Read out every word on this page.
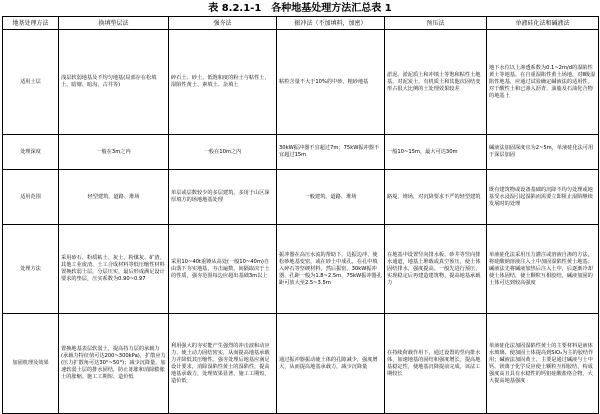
表 8.2.1-1　各种地基处理方法汇总表 1
地基处理方法	换填垫层法	强夯法	振冲法（不加填料，加密）	预压法	单液硅化法和碱液法
适用土层	浅层软弱地基及不均匀地基(局部存在松填土、暗塘、暗沟、古井等)	碎石土、砂土、低饱和度的粉土与粘性土、湿陷性黄土、素填土、杂填土	粘粒含量不大于10%的中砂、粗砂地基	淤泥、淤泥质土和冲填土等饱和粘性土地基，对泥炭土、有机质土和其他次固结变形占很大比例的土处理效果较差	地下水位以上渗透系数为0.1~2m/d的湿陷性黄土等地基。在自重湿陷性黄土场地，对Ⅱ级湿陷性地基，应通过试验确定碱液法的适用性。对于酸性土和已渗入沥青、油脂及石油化合物的地基土
处理深度	一般在3m之内	一般在10m之内	30kW振冲器不宜超过7m；75kW振冲器不宜超过15m	一般10~15m，最大可达30m	碱液法加固深度宜为2~5m，单液硅化法可用于深层加固
适用范围	轻型建筑、道路、堆场	单层或层数较少的多层建筑，多用于山区深厚填方的场地地基处理	一般建筑、道路、堆场	路堤、堆场，对沉降要求不严的轻型建筑	既有建筑物或设备基础的沉降不均匀处理或地基受水浸湿引起湿陷而需要立即阻止湿陷继续发展时的处理
处理方法	采用砂石、粉质粘土、灰土、粉煤灰、矿渣、其他工业废渣、土工合成材料等低压缩性材料置换软弱土层，分层压实，最后形成满足设计要求的垫层，压实系数为0.90~0.97	采用10~40t重锤从高处(一般10~40m)自由落下夯实地基，夯击遍数、间隔取决于土的性质，强夯范围每边应超出基础3m以上	振冲器在高压水流的帮助下，边振边冲，使松砂地基变密，或在砂土中成孔，在孔中填入碎石等坚硬材料，然后振密。30kW振冲器，孔距一般为1.8~2.5m，75kW振冲器孔距可放大至2.5~3.5m	在地基中设置竖向排水板、砂井等竖向排水通道，地基上堆载或真空预压，使土体固结排水，强度提高。一般先进行预压，实现稳定后再建造建筑物，提高地基承载力	单液硅化法采用压力灌注或溶液自渗的方法，将硅酸钠溶液注入土中加固湿陷性黄土地基；碱液法先将碱液加热后注入土中，后逐渐冷却使土体固结，使土颗粒互相胶结，碱液加固的土体可达到较高强度
加固机理及效果	置换地基表层软弱土，提高持力层的承载力(承载力特征值可达200~300kPa)，扩散应力(压力扩散角可达30°~50°)；减少沉降量，加速软弱土层的排水固结，防止冻胀和消除膨胀土的胀缩。施工工期短、造价低	利用强大的夯实能产生强烈的冲击波和动应力，使土动力固结密实，从而提高地基承载力并降低其压缩性。强夯处理后地基应满足设计要求，消除湿陷性黄土的湿陷性，提高地基承载力，处理效果显著，施工工期短，造价低	通过振冲器振动使土体的孔隙减少，强度增大，从而提高地基承载力，减少沉降量	在持续荷载作用下，通过设置的竖向排水体，加速地基的固结和强度增长，提高地基稳定性，使地基沉降提前完成，该法工期较长	单液硅化法加固湿陷性黄土的主要材料是液体水玻璃，使加固土体提高到SiO₂为主的胶结作用；碱液法加固黄土，主要是通过碱液与土中钙、镁离子化学反应使土颗粒互相胶结，构成强度高且具有水稳性的钙铝硅酸盐络合物，大大提高地基强度
